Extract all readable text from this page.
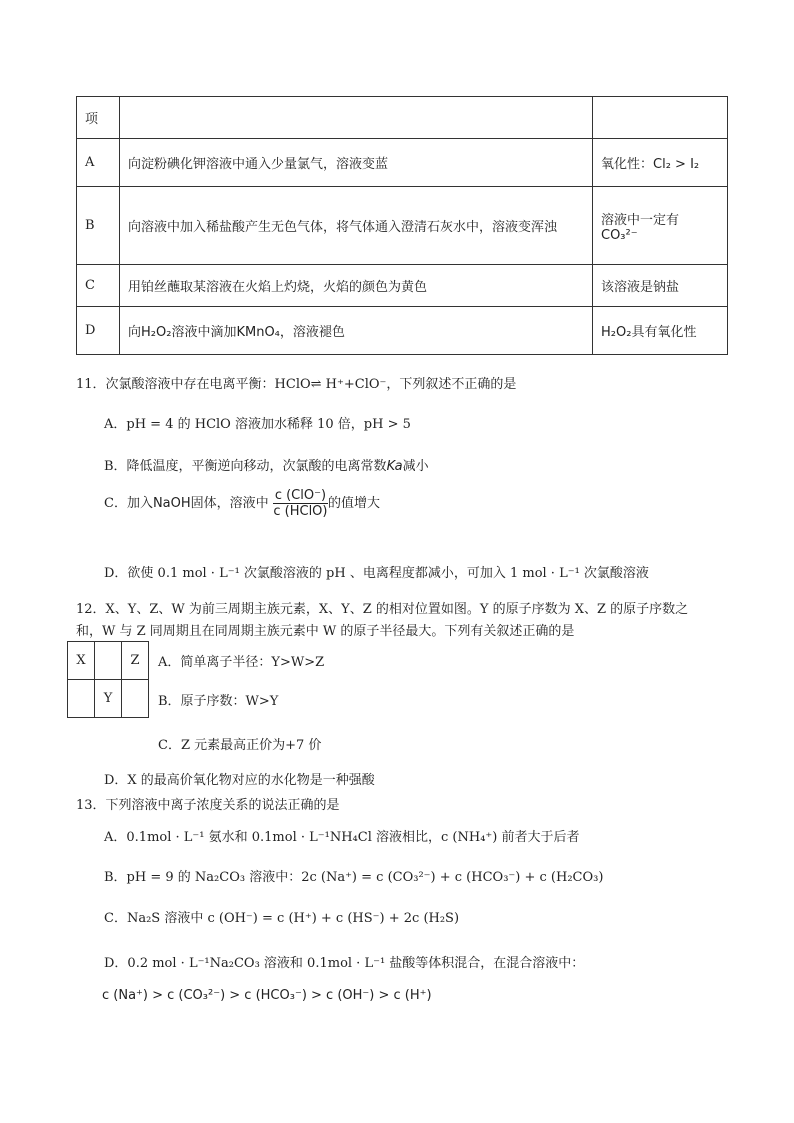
项		
A	向淀粉碘化钾溶液中通入少量氯气，溶液变蓝	氧化性：Cl₂ > I₂
B	向溶液中加入稀盐酸产生无色气体，将气体通入澄清石灰水中，溶液变浑浊	溶液中一定有
CO₃²⁻

C	用铂丝蘸取某溶液在火焰上灼烧，火焰的颜色为黄色	该溶液是钠盐
D	向H₂O₂溶液中滴加KMnO₄，溶液褪色	H₂O₂具有氧化性
11．次氯酸溶液中存在电离平衡：HClO⇌ H⁺+ClO⁻，下列叙述不正确的是
A．pH = 4 的 HClO 溶液加水稀释 10 倍，pH > 5
B．降低温度，平衡逆向移动，次氯酸的电离常数Ka减小
C．加入NaOH固体，溶液中 $\frac{\text{c (ClO⁻)}}{\text{c (HClO)}}$ 的值增大
D．欲使 0.1 mol · L⁻¹ 次氯酸溶液的 pH 、电离程度都减小，可加入 1 mol · L⁻¹ 次氯酸溶液
12．X、Y、Z、W 为前三周期主族元素，X、Y、Z 的相对位置如图。Y 的原子序数为 X、Z 的原子序数之
和，W 与 Z 同周期且在同周期主族元素中 W 的原子半径最大。下列有关叙述正确的是
X		Z
	Y	
A．简单离子半径：Y>W>Z
B．原子序数：W>Y
C．Z 元素最高正价为+7 价
D．X 的最高价氧化物对应的水化物是一种强酸
13．下列溶液中离子浓度关系的说法正确的是
A．0.1mol · L⁻¹ 氨水和 0.1mol · L⁻¹NH₄Cl 溶液相比，c (NH₄⁺) 前者大于后者
B．pH = 9 的 Na₂CO₃ 溶液中：2c (Na⁺) = c (CO₃²⁻) + c (HCO₃⁻) + c (H₂CO₃)
C．Na₂S 溶液中 c (OH⁻) = c (H⁺) + c (HS⁻) + 2c (H₂S)
D．0.2 mol · L⁻¹Na₂CO₃ 溶液和 0.1mol · L⁻¹ 盐酸等体积混合，在混合溶液中：
c (Na⁺) > c (CO₃²⁻) > c (HCO₃⁻) > c (OH⁻) > c (H⁺)
